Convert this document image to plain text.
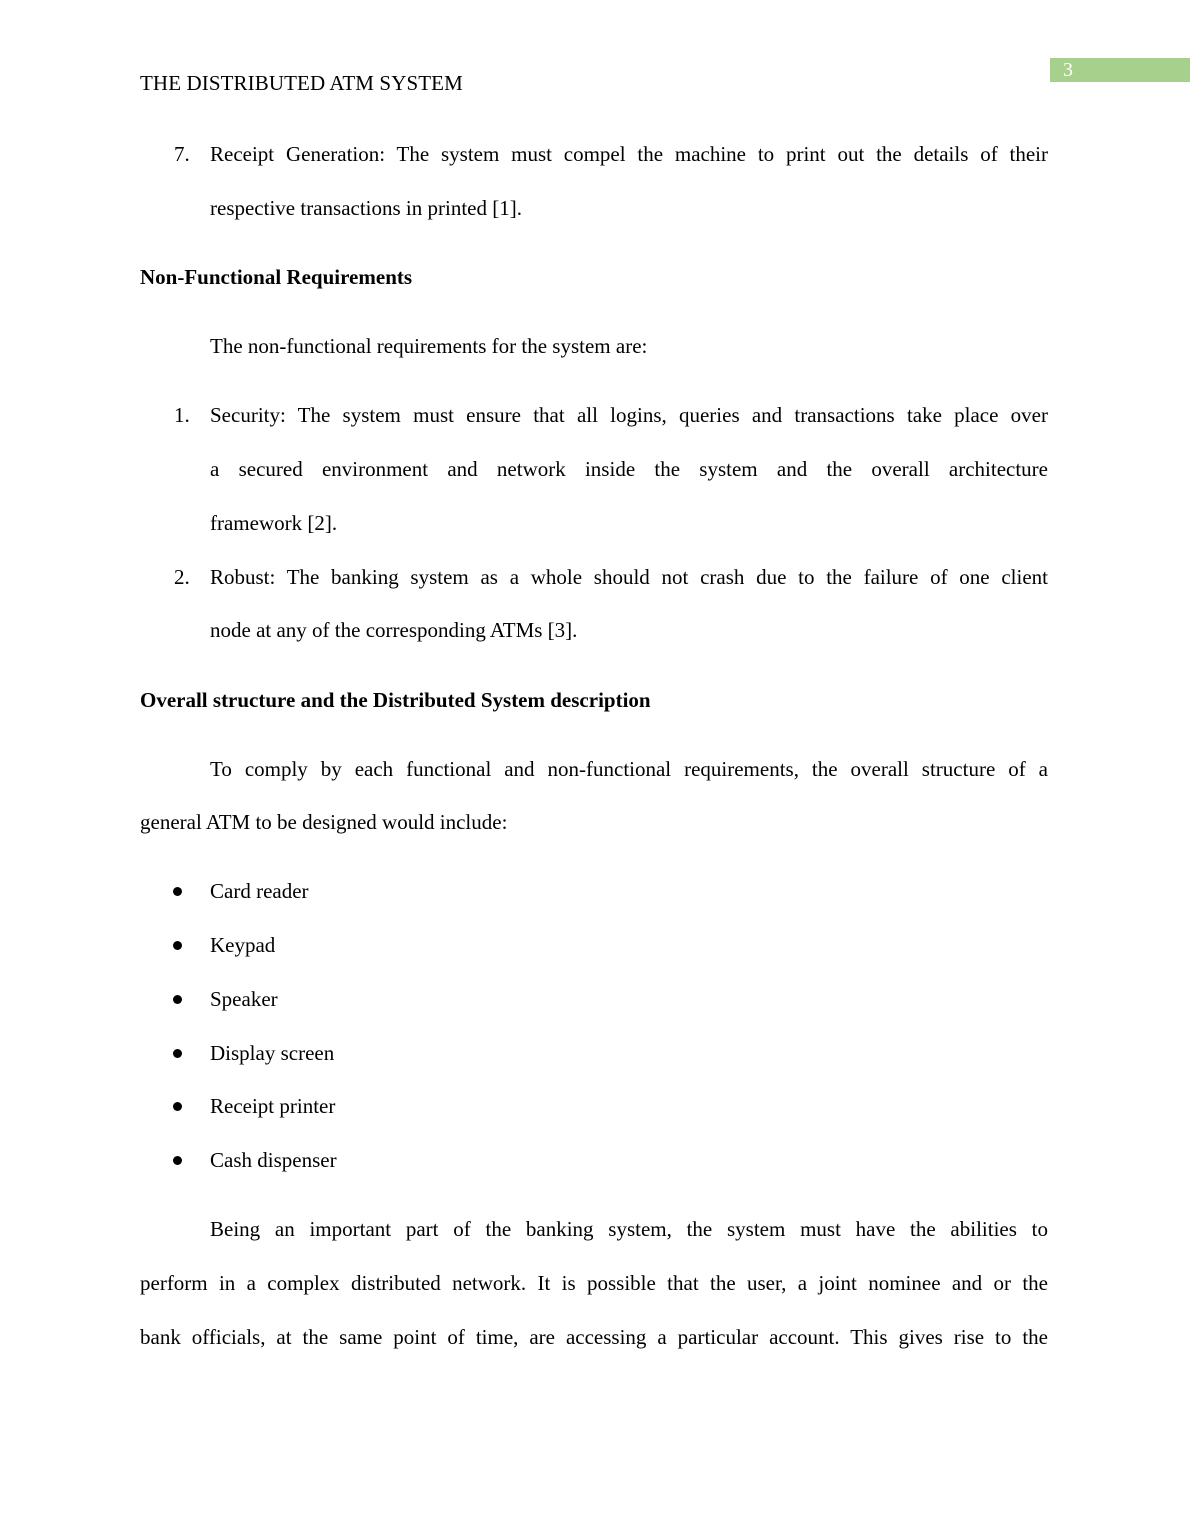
3
THE DISTRIBUTED ATM SYSTEM
7. Receipt Generation: The system must compel the machine to print out the details of their
respective transactions in printed [1].
Non-Functional Requirements
The non-functional requirements for the system are:
1. Security: The system must ensure that all logins, queries and transactions take place over
a secured environment and network inside the system and the overall architecture
framework [2].
2. Robust: The banking system as a whole should not crash due to the failure of one client
node at any of the corresponding ATMs [3].
Overall structure and the Distributed System description
To comply by each functional and non-functional requirements, the overall structure of a
general ATM to be designed would include:
Card reader
Keypad
Speaker
Display screen
Receipt printer
Cash dispenser
Being an important part of the banking system, the system must have the abilities to
perform in a complex distributed network. It is possible that the user, a joint nominee and or the
bank officials, at the same point of time, are accessing a particular account. This gives rise to the
